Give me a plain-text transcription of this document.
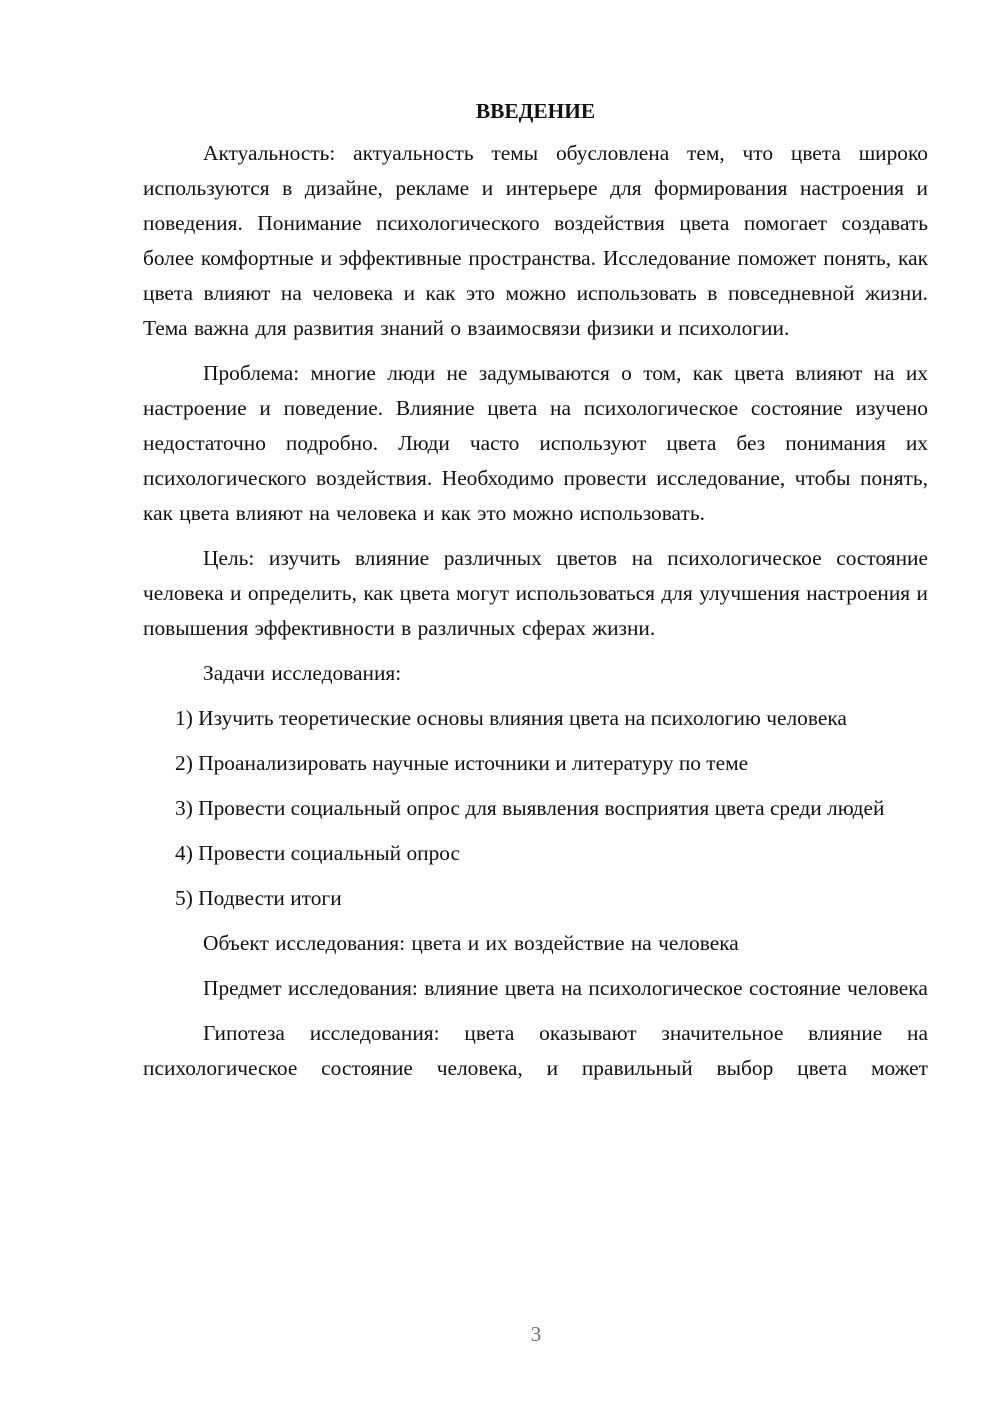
ВВЕДЕНИЕ

Актуальность: актуальность темы обусловлена тем, что цвета широко используются в дизайне, рекламе и интерьере для формирования настроения и поведения. Понимание психологического воздействия цвета помогает создавать более комфортные и эффективные пространства. Исследование поможет понять, как цвета влияют на человека и как это можно использовать в повседневной жизни. Тема важна для развития знаний о взаимосвязи физики и психологии.

Проблема: многие люди не задумываются о том, как цвета влияют на их настроение и поведение. Влияние цвета на психологическое состояние изучено недостаточно подробно. Люди часто используют цвета без понимания их психологического воздействия. Необходимо провести исследование, чтобы понять, как цвета влияют на человека и как это можно использовать.

Цель: изучить влияние различных цветов на психологическое состояние человека и определить, как цвета могут использоваться для улучшения настроения и повышения эффективности в различных сферах жизни.

Задачи исследования:

1) Изучить теоретические основы влияния цвета на психологию человека

2) Проанализировать научные источники и литературу по теме

3) Провести социальный опрос для выявления восприятия цвета среди людей

4) Провести социальный опрос

5) Подвести итоги

Объект исследования: цвета и их воздействие на человека

Предмет исследования: влияние цвета на психологическое состояние человека

Гипотеза исследования: цвета оказывают значительное влияние на психологическое состояние человека, и правильный выбор цвета может

3
